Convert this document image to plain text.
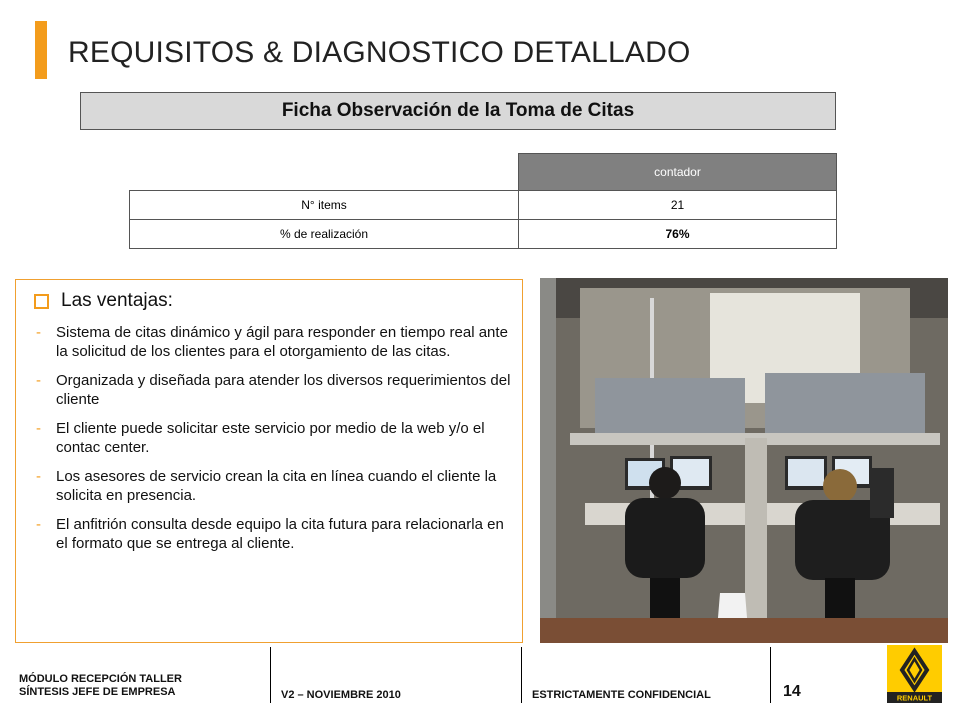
REQUISITOS & DIAGNOSTICO DETALLADO
Ficha Observación de la Toma de Citas
	contador
N° items	21
% de realización	76%
Las ventajas:
- Sistema de citas dinámico y ágil para responder en tiempo real ante la solicitud de los clientes para el otorgamiento de las citas.
- Organizada y diseñada para atender los diversos requerimientos del cliente
- El cliente puede solicitar este servicio por medio de la web y/o el contac center.
- Los asesores de servicio crean la cita en línea cuando el cliente la solicita en presencia.
- El anfitrión consulta desde equipo la cita futura para relacionarla en el formato que se entrega al cliente.
MÓDULO RECEPCIÓN TALLER
SÍNTESIS JEFE DE EMPRESA	V2 – NOVIEMBRE 2010	ESTRICTAMENTE CONFIDENCIAL	14	RENAULT
